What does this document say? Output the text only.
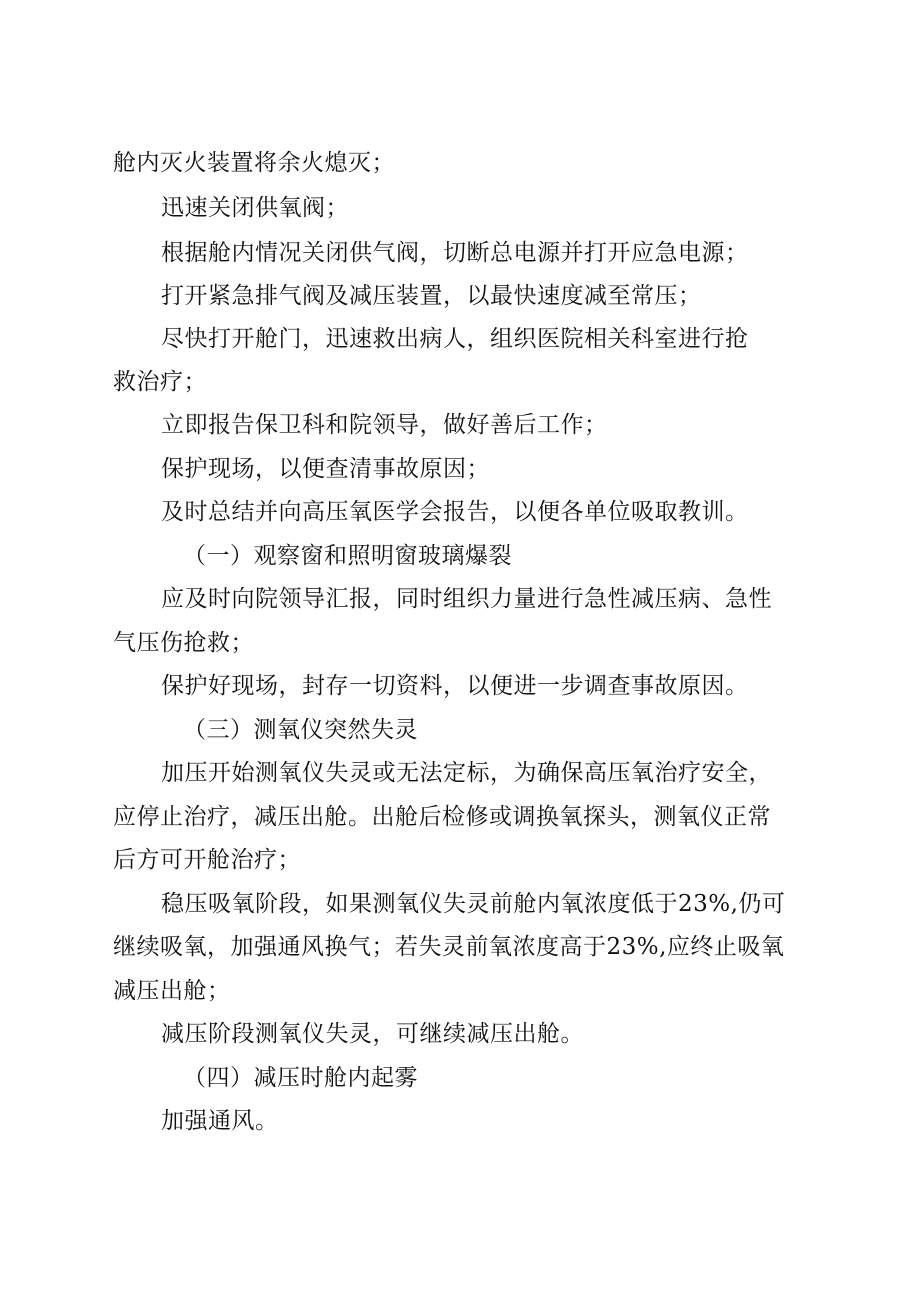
舱内灭火装置将余火熄灭；
迅速关闭供氧阀；
根据舱内情况关闭供气阀，切断总电源并打开应急电源；
打开紧急排气阀及减压装置，以最快速度减至常压；
尽快打开舱门，迅速救出病人，组织医院相关科室进行抢
救治疗；
立即报告保卫科和院领导，做好善后工作；
保护现场，以便查清事故原因；
及时总结并向高压氧医学会报告，以便各单位吸取教训。
（一）观察窗和照明窗玻璃爆裂
应及时向院领导汇报，同时组织力量进行急性减压病、急性
气压伤抢救；
保护好现场，封存一切资料，以便进一步调查事故原因。
（三）测氧仪突然失灵
加压开始测氧仪失灵或无法定标，为确保高压氧治疗安全，
应停止治疗，减压出舱。出舱后检修或调换氧探头，测氧仪正常
后方可开舱治疗；
稳压吸氧阶段，如果测氧仪失灵前舱内氧浓度低于23%,仍可
继续吸氧，加强通风换气；若失灵前氧浓度高于23%,应终止吸氧
减压出舱；
减压阶段测氧仪失灵，可继续减压出舱。
（四）减压时舱内起雾
加强通风。
